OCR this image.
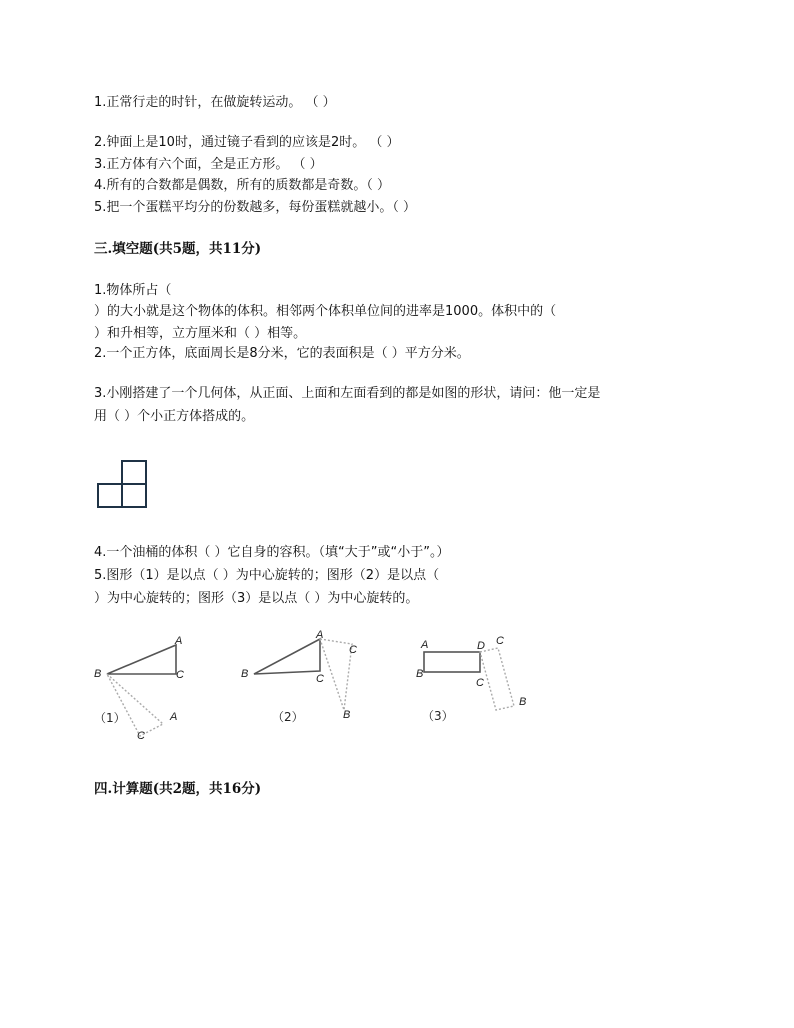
1.正常行走的时针，在做旋转运动。 （ ）
2.钟面上是10时，通过镜子看到的应该是2时。 （ ）
3.正方体有六个面，全是正方形。 （ ）
4.所有的合数都是偶数，所有的质数都是奇数。（ ）
5.把一个蛋糕平均分的份数越多，每份蛋糕就越小。（ ）
三.填空题(共5题，共11分)
1.物体所占（
）的大小就是这个物体的体积。相邻两个体积单位间的进率是1000。体积中的（
）和升相等，立方厘米和（ ）相等。
2.一个正方体，底面周长是8分米，它的表面积是（ ）平方分米。
3.小刚搭建了一个几何体，从正面、上面和左面看到的都是如图的形状，请问：他一定是
用（ ）个小正方体搭成的。
4.一个油桶的体积（ ）它自身的容积。（填“大于”或“小于”。）
5.图形（1）是以点（ ）为中心旋转的；图形（2）是以点（
）为中心旋转的；图形（3）是以点（ ）为中心旋转的。
A
B	C
A
C
（1）
A
B	C
C
B
（2）
A	D C
B
C
B
（3）
四.计算题(共2题，共16分)
